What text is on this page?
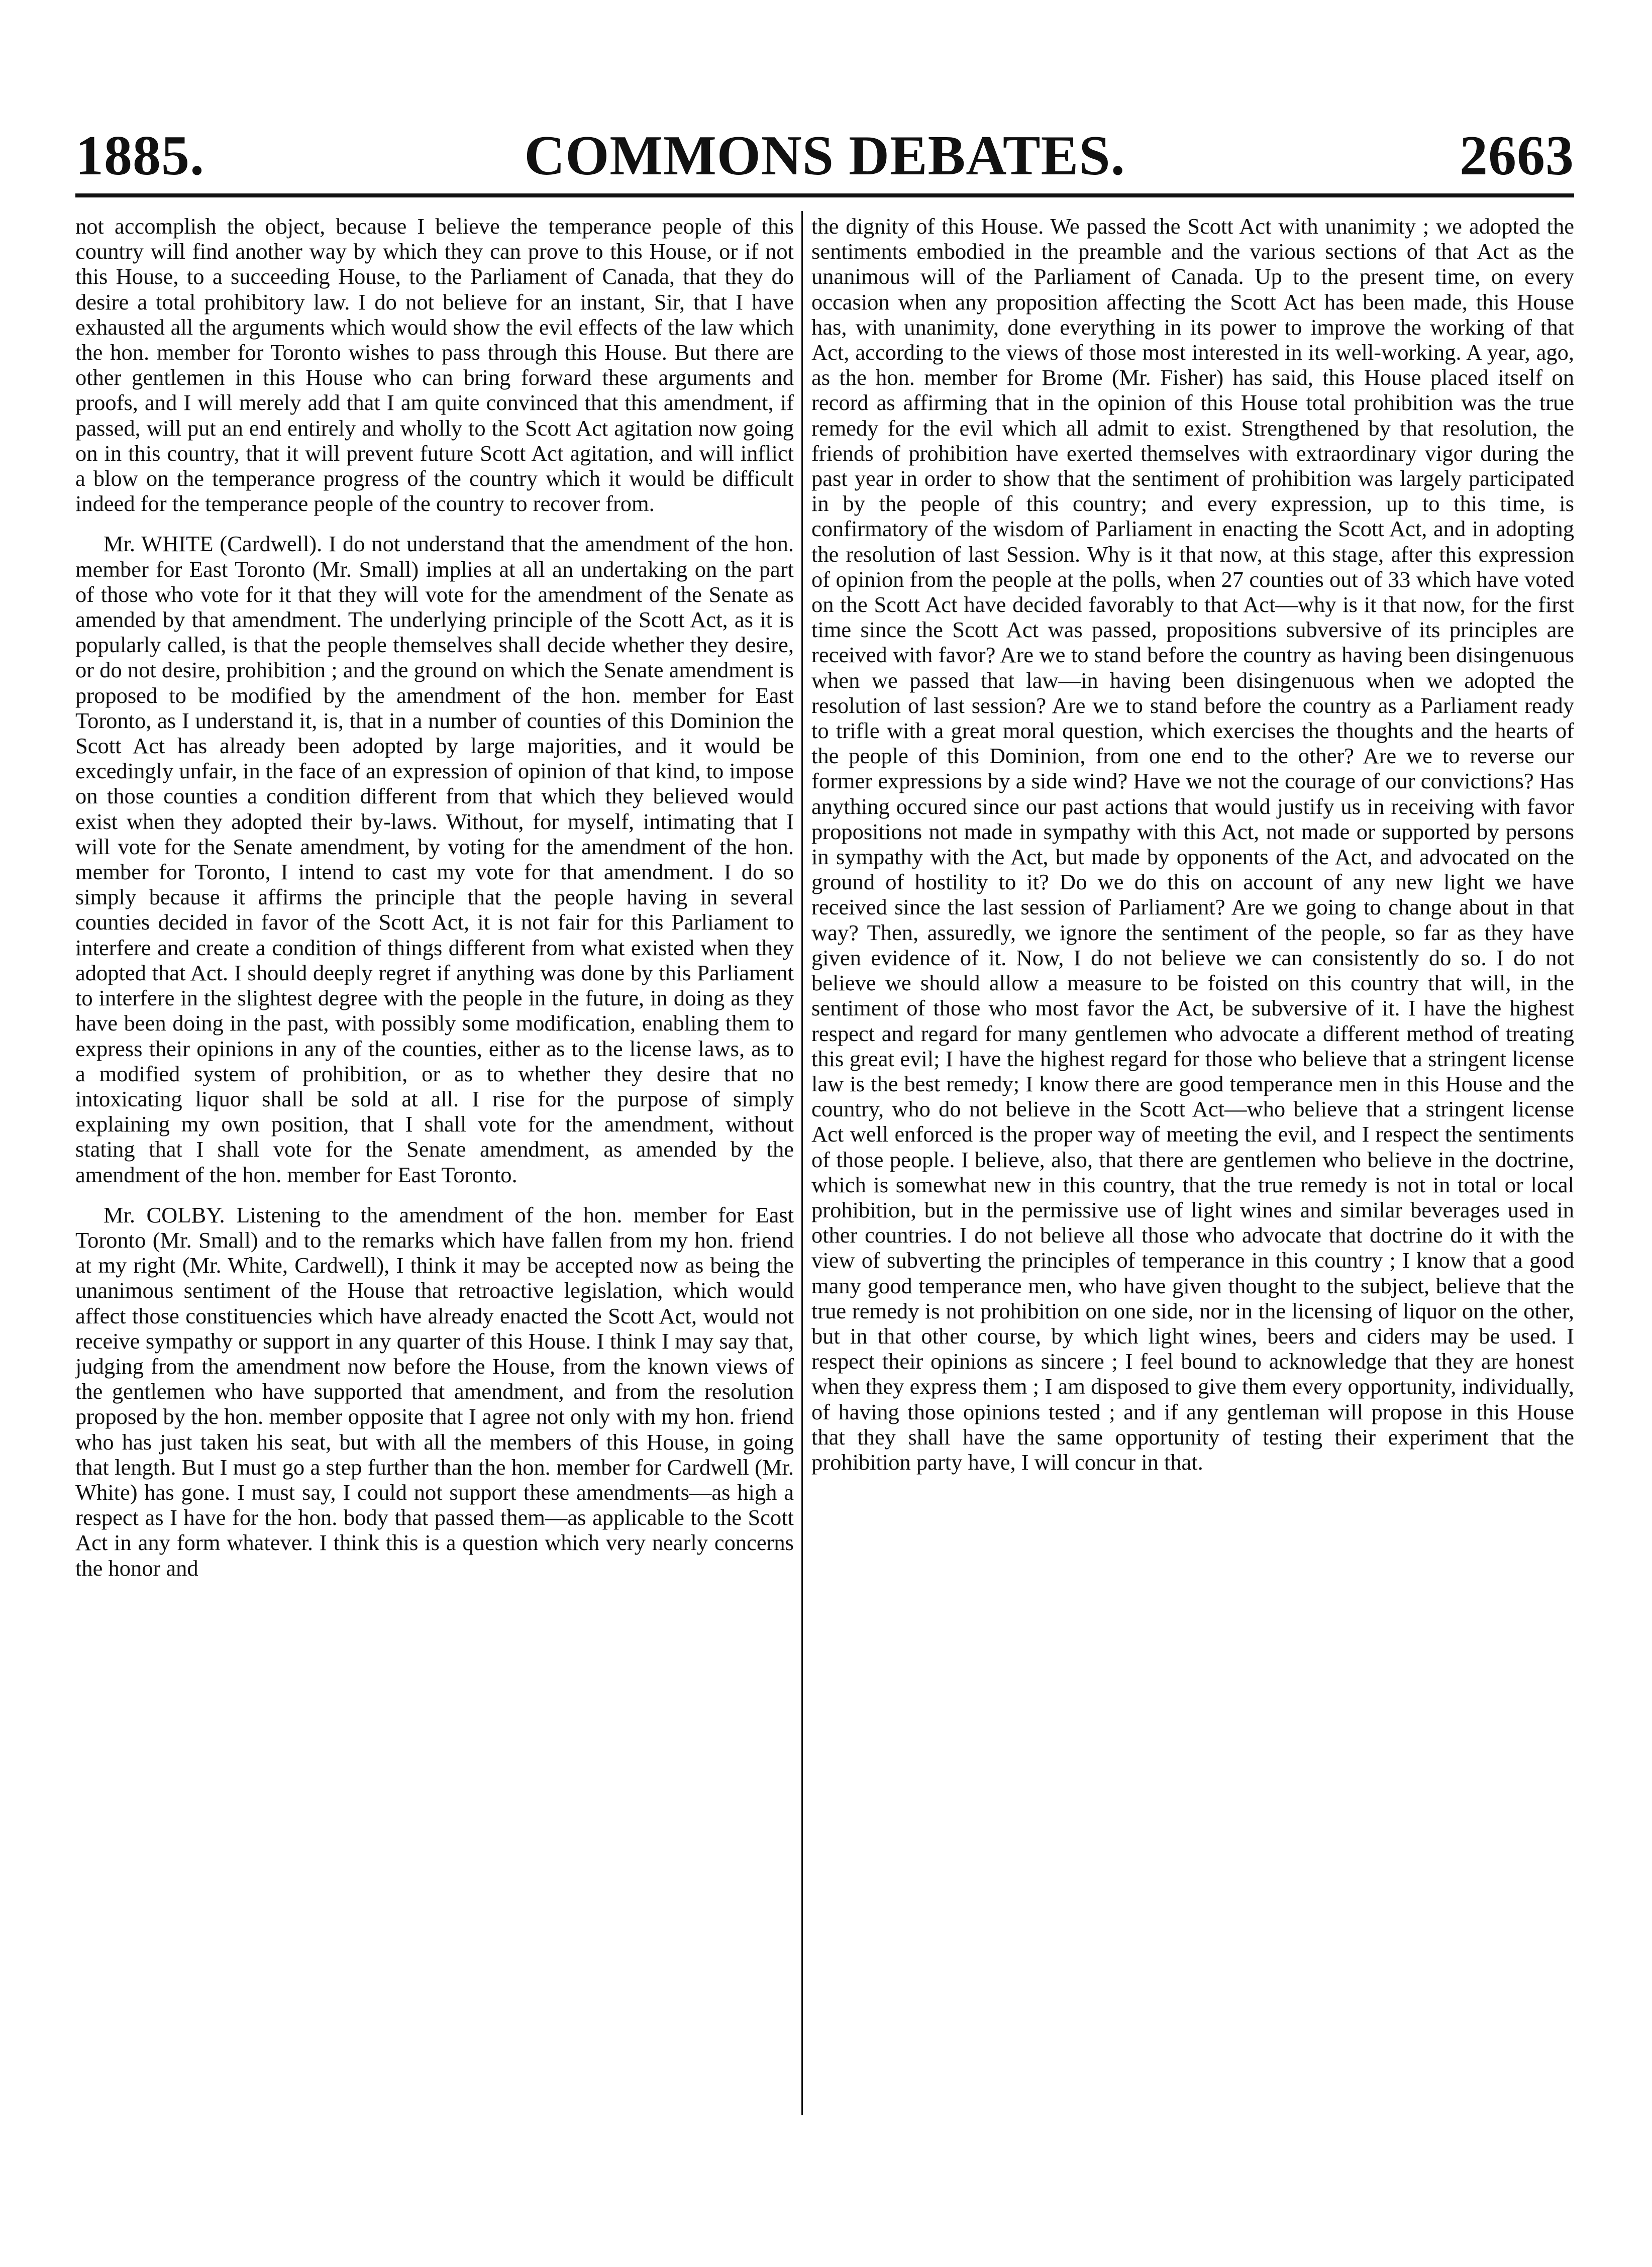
1885.	COMMONS DEBATES.	2663

not accomplish the object, because I believe the temperance people of this country will find another way by which they can prove to this House, or if not this House, to a succeeding House, to the Parliament of Canada, that they do desire a total prohibitory law. I do not believe for an instant, Sir, that I have exhausted all the arguments which would show the evil effects of the law which the hon. member for Toronto wishes to pass through this House. But there are other gentlemen in this House who can bring forward these arguments and proofs, and I will merely add that I am quite convinced that this amendment, if passed, will put an end entirely and wholly to the Scott Act agitation now going on in this country, that it will prevent future Scott Act agitation, and will inflict a blow on the temperance progress of the country which it would be difficult indeed for the temperance people of the country to recover from.

Mr. WHITE (Cardwell). I do not understand that the amendment of the hon. member for East Toronto (Mr. Small) implies at all an undertaking on the part of those who vote for it that they will vote for the amendment of the Senate as amended by that amendment. The underlying principle of the Scott Act, as it is popularly called, is that the people themselves shall decide whether they desire, or do not desire, prohibition ; and the ground on which the Senate amendment is proposed to be modified by the amendment of the hon. member for East Toronto, as I understand it, is, that in a number of counties of this Dominion the Scott Act has already been adopted by large majorities, and it would be excedingly unfair, in the face of an expression of opinion of that kind, to impose on those counties a condition different from that which they believed would exist when they adopted their by-laws. Without, for myself, intimating that I will vote for the Senate amendment, by voting for the amendment of the hon. member for Toronto, I intend to cast my vote for that amendment. I do so simply because it affirms the principle that the people having in several counties decided in favor of the Scott Act, it is not fair for this Parliament to interfere and create a condition of things different from what existed when they adopted that Act. I should deeply regret if anything was done by this Parliament to interfere in the slightest degree with the people in the future, in doing as they have been doing in the past, with possibly some modification, enabling them to express their opinions in any of the counties, either as to the license laws, as to a modified system of prohibition, or as to whether they desire that no intoxicating liquor shall be sold at all. I rise for the purpose of simply explaining my own position, that I shall vote for the amendment, without stating that I shall vote for the Senate amendment, as amended by the amendment of the hon. member for East Toronto.

Mr. COLBY. Listening to the amendment of the hon. member for East Toronto (Mr. Small) and to the remarks which have fallen from my hon. friend at my right (Mr. White, Cardwell), I think it may be accepted now as being the unanimous sentiment of the House that retroactive legislation, which would affect those constituencies which have already enacted the Scott Act, would not receive sympathy or support in any quarter of this House. I think I may say that, judging from the amendment now before the House, from the known views of the gentlemen who have supported that amendment, and from the resolution proposed by the hon. member opposite that I agree not only with my hon. friend who has just taken his seat, but with all the members of this House, in going that length. But I must go a step further than the hon. member for Cardwell (Mr. White) has gone. I must say, I could not support these amendments—as high a respect as I have for the hon. body that passed them—as applicable to the Scott Act in any form whatever. I think this is a question which very nearly concerns the honor and

the dignity of this House. We passed the Scott Act with unanimity ; we adopted the sentiments embodied in the preamble and the various sections of that Act as the unanimous will of the Parliament of Canada. Up to the present time, on every occasion when any proposition affecting the Scott Act has been made, this House has, with unanimity, done everything in its power to improve the working of that Act, according to the views of those most interested in its well-working. A year, ago, as the hon. member for Brome (Mr. Fisher) has said, this House placed itself on record as affirming that in the opinion of this House total prohibition was the true remedy for the evil which all admit to exist. Strengthened by that resolution, the friends of prohibition have exerted themselves with extraordinary vigor during the past year in order to show that the sentiment of prohibition was largely participated in by the people of this country; and every expression, up to this time, is confirmatory of the wisdom of Parliament in enacting the Scott Act, and in adopting the resolution of last Session. Why is it that now, at this stage, after this expression of opinion from the people at the polls, when 27 counties out of 33 which have voted on the Scott Act have decided favorably to that Act—why is it that now, for the first time since the Scott Act was passed, propositions subversive of its principles are received with favor? Are we to stand before the country as having been disingenuous when we passed that law—in having been disingenuous when we adopted the resolution of last session? Are we to stand before the country as a Parliament ready to trifle with a great moral question, which exercises the thoughts and the hearts of the people of this Dominion, from one end to the other? Are we to reverse our former expressions by a side wind? Have we not the courage of our convictions? Has anything occured since our past actions that would justify us in receiving with favor propositions not made in sympathy with this Act, not made or supported by persons in sympathy with the Act, but made by opponents of the Act, and advocated on the ground of hostility to it? Do we do this on account of any new light we have received since the last session of Parliament? Are we going to change about in that way? Then, assuredly, we ignore the sentiment of the people, so far as they have given evidence of it. Now, I do not believe we can consistently do so. I do not believe we should allow a measure to be foisted on this country that will, in the sentiment of those who most favor the Act, be subversive of it. I have the highest respect and regard for many gentlemen who advocate a different method of treating this great evil; I have the highest regard for those who believe that a stringent license law is the best remedy; I know there are good temperance men in this House and the country, who do not believe in the Scott Act—who believe that a stringent license Act well enforced is the proper way of meeting the evil, and I respect the sentiments of those people. I believe, also, that there are gentlemen who believe in the doctrine, which is somewhat new in this country, that the true remedy is not in total or local prohibition, but in the permissive use of light wines and similar beverages used in other countries. I do not believe all those who advocate that doctrine do it with the view of subverting the principles of temperance in this country ; I know that a good many good temperance men, who have given thought to the subject, believe that the true remedy is not prohibition on one side, nor in the licensing of liquor on the other, but in that other course, by which light wines, beers and ciders may be used. I respect their opinions as sincere ; I feel bound to acknowledge that they are honest when they express them ; I am disposed to give them every opportunity, individually, of having those opinions tested ; and if any gentleman will propose in this House that they shall have the same opportunity of testing their experiment that the prohibition party have, I will concur in that.
